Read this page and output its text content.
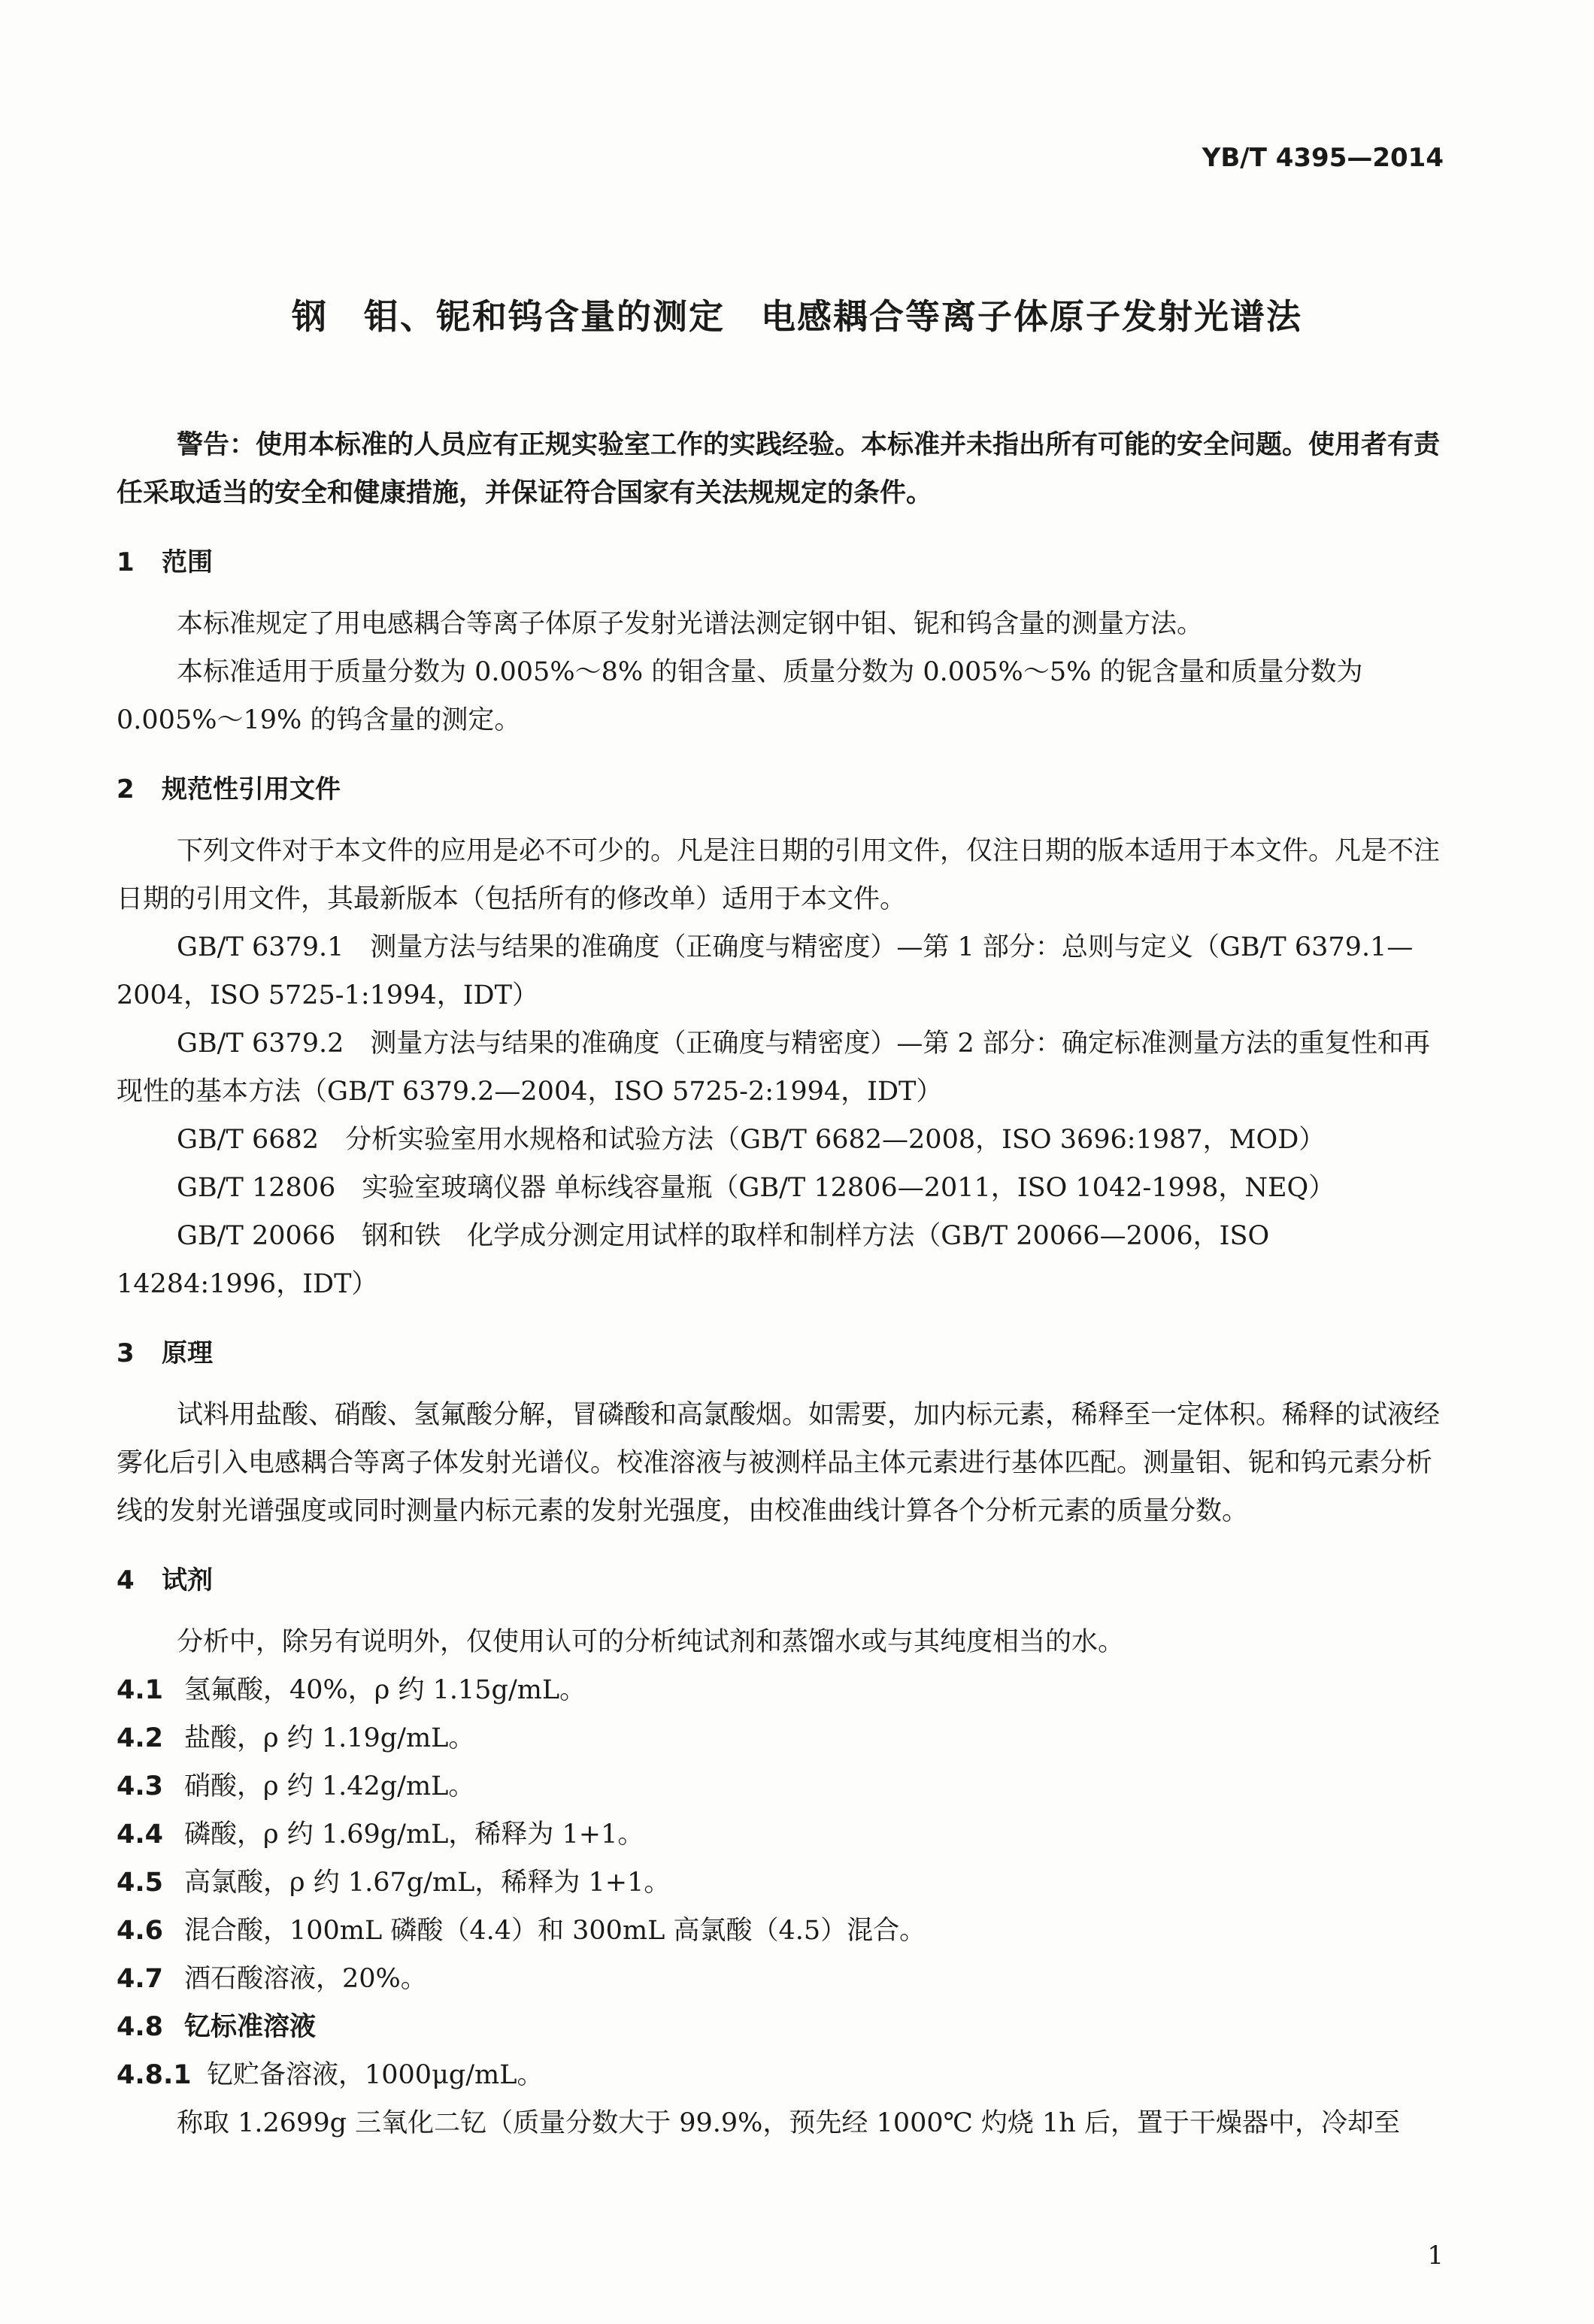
YB/T 4395—2014
钢　钼、铌和钨含量的测定　电感耦合等离子体原子发射光谱法

警告：使用本标准的人员应有正规实验室工作的实践经验。本标准并未指出所有可能的安全问题。使用者有责任采取适当的安全和健康措施，并保证符合国家有关法规规定的条件。

1 范围

本标准规定了用电感耦合等离子体原子发射光谱法测定钢中钼、铌和钨含量的测量方法。

本标准适用于质量分数为 0.005%～8% 的钼含量、质量分数为 0.005%～5% 的铌含量和质量分数为 0.005%～19% 的钨含量的测定。

2 规范性引用文件

下列文件对于本文件的应用是必不可少的。凡是注日期的引用文件，仅注日期的版本适用于本文件。凡是不注日期的引用文件，其最新版本（包括所有的修改单）适用于本文件。

GB/T 6379.1　测量方法与结果的准确度（正确度与精密度）—第 1 部分：总则与定义（GB/T 6379.1—2004，ISO 5725-1:1994，IDT）

GB/T 6379.2　测量方法与结果的准确度（正确度与精密度）—第 2 部分：确定标准测量方法的重复性和再现性的基本方法（GB/T 6379.2—2004，ISO 5725-2:1994，IDT）

GB/T 6682　分析实验室用水规格和试验方法（GB/T 6682—2008，ISO 3696:1987，MOD）

GB/T 12806　实验室玻璃仪器 单标线容量瓶（GB/T 12806—2011，ISO 1042-1998，NEQ）

GB/T 20066　钢和铁　化学成分测定用试样的取样和制样方法（GB/T 20066—2006，ISO 14284:1996，IDT）

3 原理

试料用盐酸、硝酸、氢氟酸分解，冒磷酸和高氯酸烟。如需要，加内标元素，稀释至一定体积。稀释的试液经雾化后引入电感耦合等离子体发射光谱仪。校准溶液与被测样品主体元素进行基体匹配。测量钼、铌和钨元素分析线的发射光谱强度或同时测量内标元素的发射光强度，由校准曲线计算各个分析元素的质量分数。

4 试剂

分析中，除另有说明外，仅使用认可的分析纯试剂和蒸馏水或与其纯度相当的水。

4.1 氢氟酸，40%，ρ 约 1.15g/mL。

4.2 盐酸，ρ 约 1.19g/mL。

4.3 硝酸，ρ 约 1.42g/mL。

4.4 磷酸，ρ 约 1.69g/mL，稀释为 1+1。

4.5 高氯酸，ρ 约 1.67g/mL，稀释为 1+1。

4.6 混合酸，100mL 磷酸（4.4）和 300mL 高氯酸（4.5）混合。

4.7 酒石酸溶液，20%。

4.8 钇标准溶液

4.8.1 钇贮备溶液，1000μg/mL。

称取 1.2699g 三氧化二钇（质量分数大于 99.9%，预先经 1000℃ 灼烧 1h 后，置于干燥器中，冷却至

1
